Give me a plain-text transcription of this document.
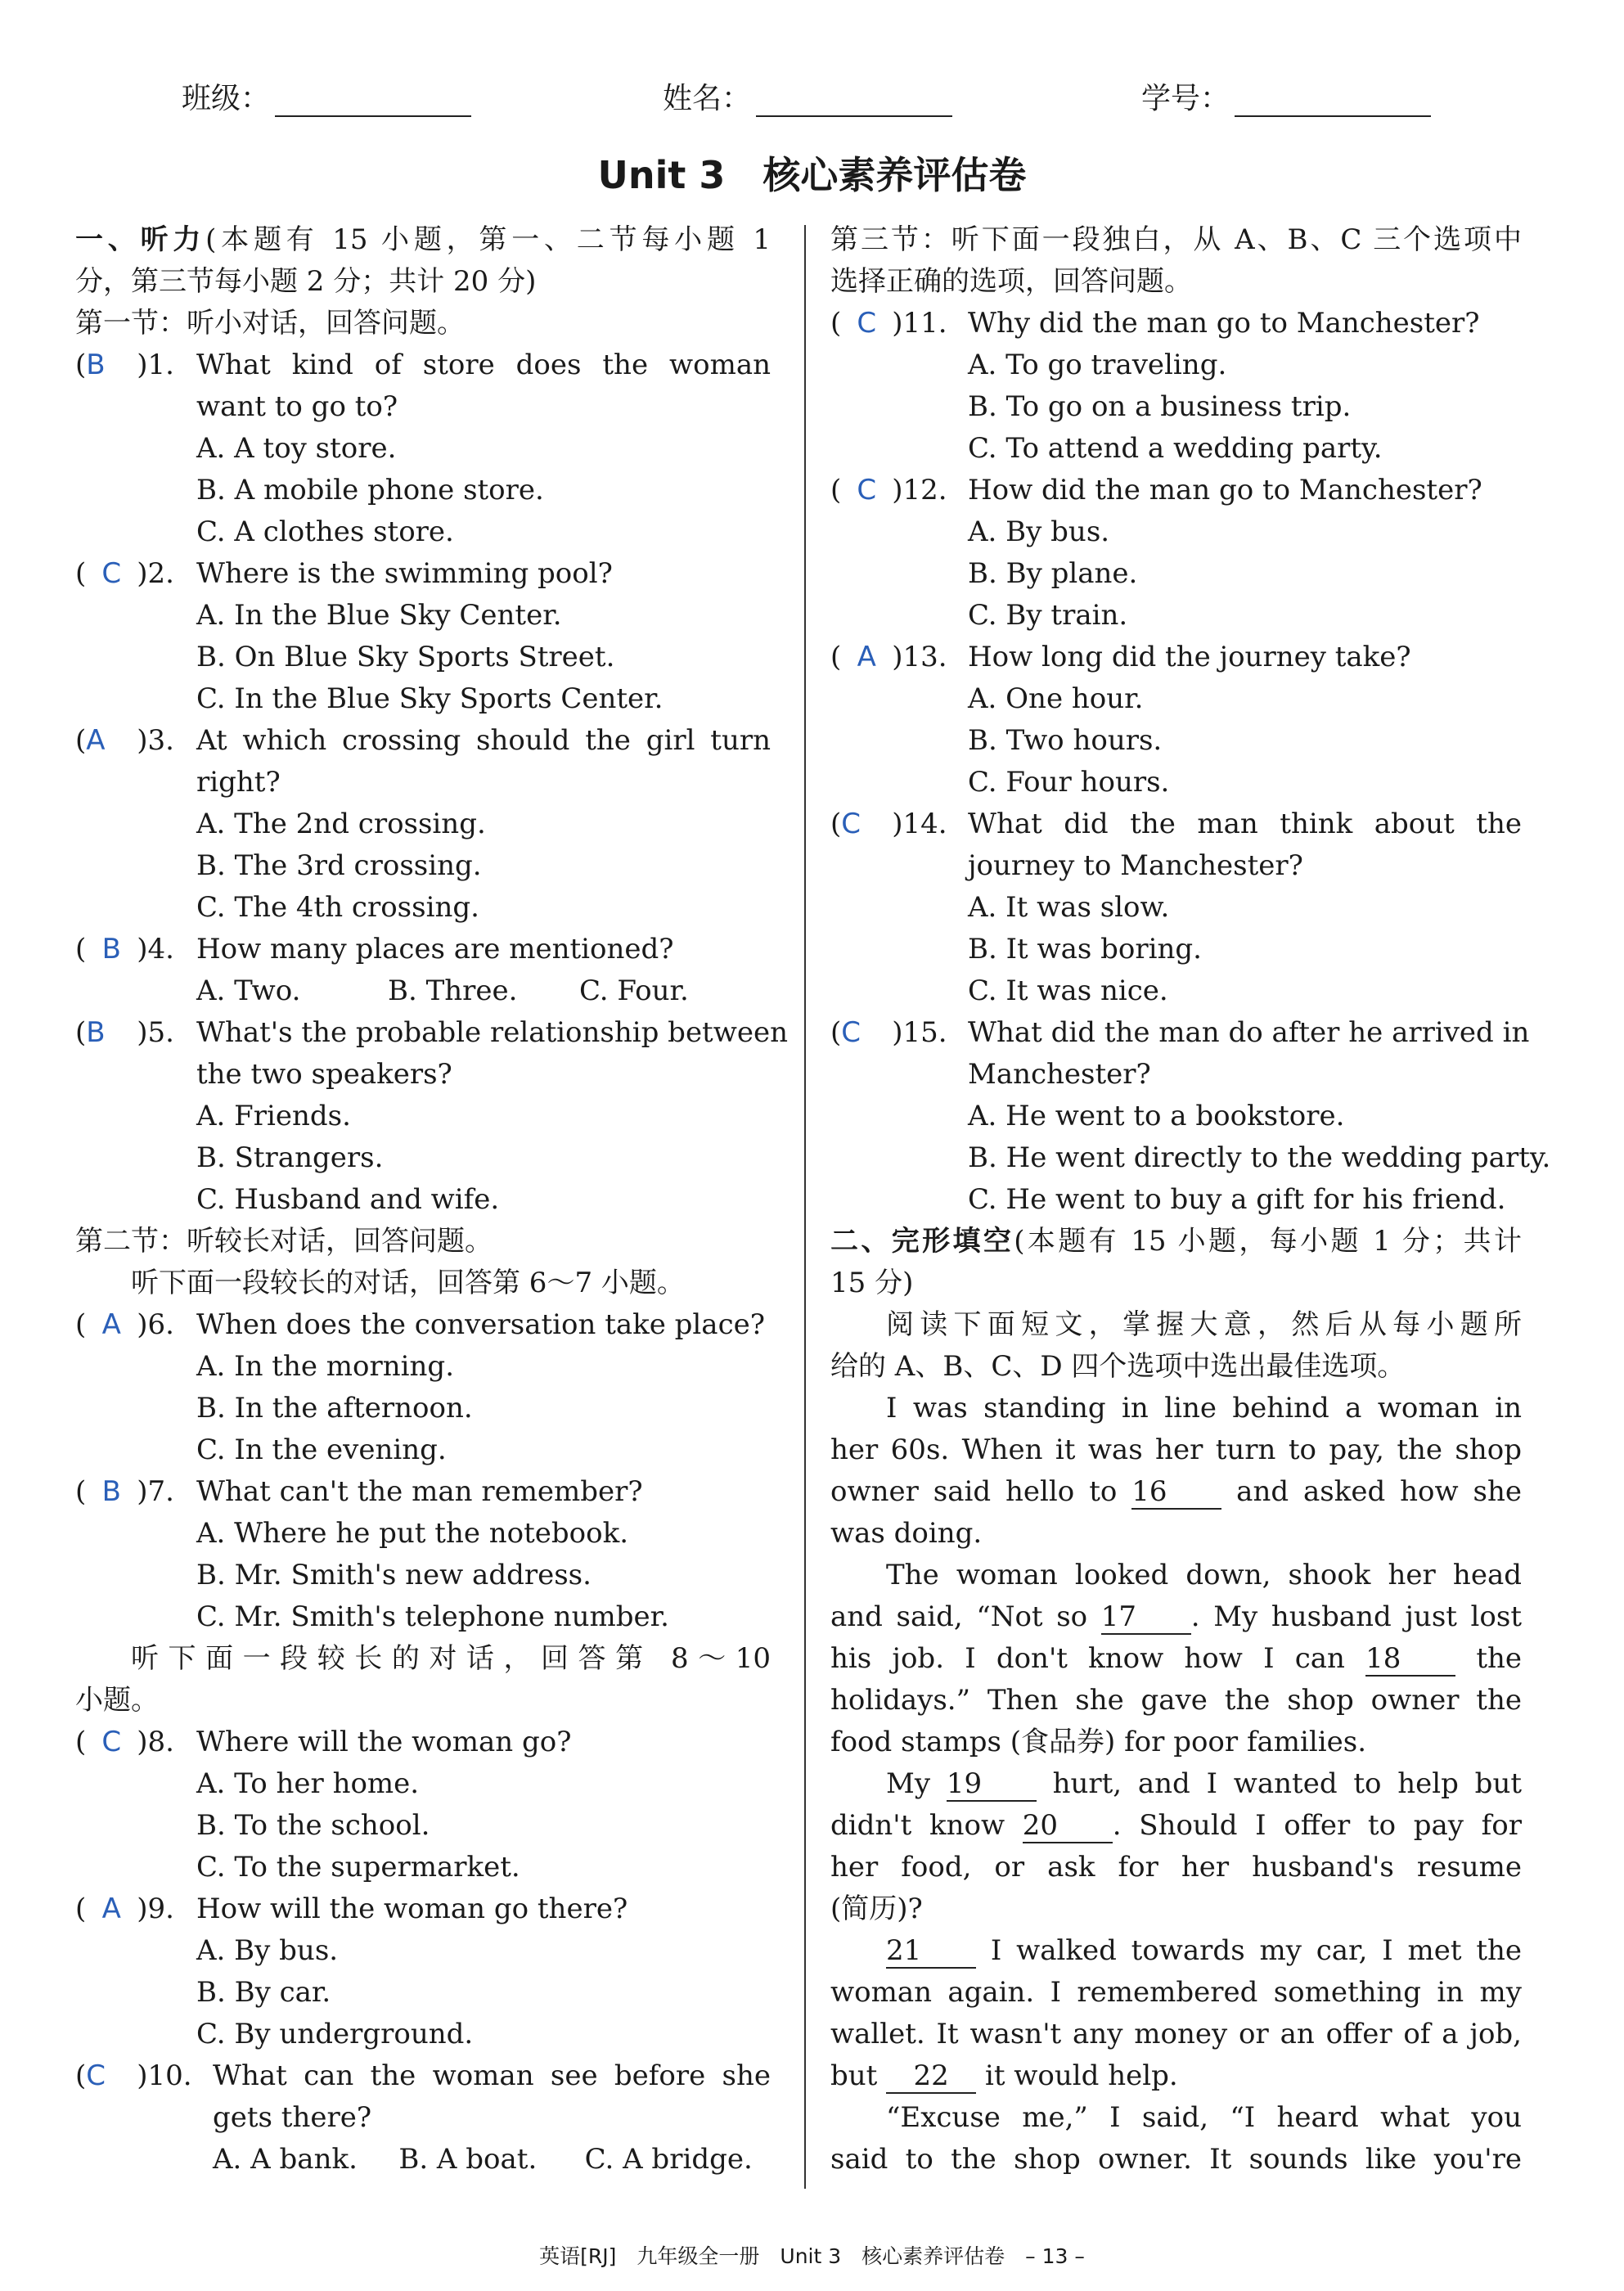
班级：	姓名：	学号：
Unit 3　核心素养评估卷
一、听力(本题有 15 小题，第一、二节每小题 1
分，第三节每小题 2 分；共计 20 分)
第一节：听小对话，回答问题。
(B )1. What kind of store does the woman
want to go to?
A. A toy store.
B. A mobile phone store.
C. A clothes store.
( C )2. Where is the swimming pool?
A. In the Blue Sky Center.
B. On Blue Sky Sports Street.
C. In the Blue Sky Sports Center.
(A )3. At which crossing should the girl turn
right?
A. The 2nd crossing.
B. The 3rd crossing.
C. The 4th crossing.
( B )4. How many places are mentioned?
A. Two.	B. Three.	C. Four.
(B )5. What's the probable relationship between
the two speakers?
A. Friends.
B. Strangers.
C. Husband and wife.
第二节：听较长对话，回答问题。
听下面一段较长的对话，回答第 6～7 小题。
( A )6. When does the conversation take place?
A. In the morning.
B. In the afternoon.
C. In the evening.
( B )7. What can't the man remember?
A. Where he put the notebook.
B. Mr. Smith's new address.
C. Mr. Smith's telephone number.
听下面一段较长的对话，回答第 8～10
小题。
( C )8. Where will the woman go?
A. To her home.
B. To the school.
C. To the supermarket.
( A )9. How will the woman go there?
A. By bus.
B. By car.
C. By underground.
(C )10. What can the woman see before she
gets there?
A. A bank.	B. A boat.	C. A bridge.
第三节：听下面一段独白，从 A、B、C 三个选项中
选择正确的选项，回答问题。
( C )11. Why did the man go to Manchester?
A. To go traveling.
B. To go on a business trip.
C. To attend a wedding party.
( C )12. How did the man go to Manchester?
A. By bus.
B. By plane.
C. By train.
( A )13. How long did the journey take?
A. One hour.
B. Two hours.
C. Four hours.
(C )14. What did the man think about the
journey to Manchester?
A. It was slow.
B. It was boring.
C. It was nice.
(C )15. What did the man do after he arrived in
Manchester?
A. He went to a bookstore.
B. He went directly to the wedding party.
C. He went to buy a gift for his friend.
二、完形填空(本题有 15 小题，每小题 1 分；共计
15 分)
阅读下面短文，掌握大意，然后从每小题所
给的 A、B、C、D 四个选项中选出最佳选项。
I was standing in line behind a woman in
her 60s. When it was her turn to pay, the shop
owner said hello to 16 and asked how she
was doing.
The woman looked down, shook her head
and said, “Not so 17 . My husband just lost
his job. I don't know how I can 18	the
holidays.” Then she gave the shop owner the
food stamps (食品券) for poor families.
My 19	hurt, and I wanted to help but
didn't know 20 . Should I offer to pay for
her food, or ask for her husband's resume
(简历)?
21 I walked towards my car, I met the
woman again. I remembered something in my
wallet. It wasn't any money or an offer of a job,
but 22 it would help.
“Excuse me,” I said, “I heard what you
said to the shop owner. It sounds like you're
英语[RJ]　九年级全一册　Unit 3　核心素养评估卷　– 13 –
